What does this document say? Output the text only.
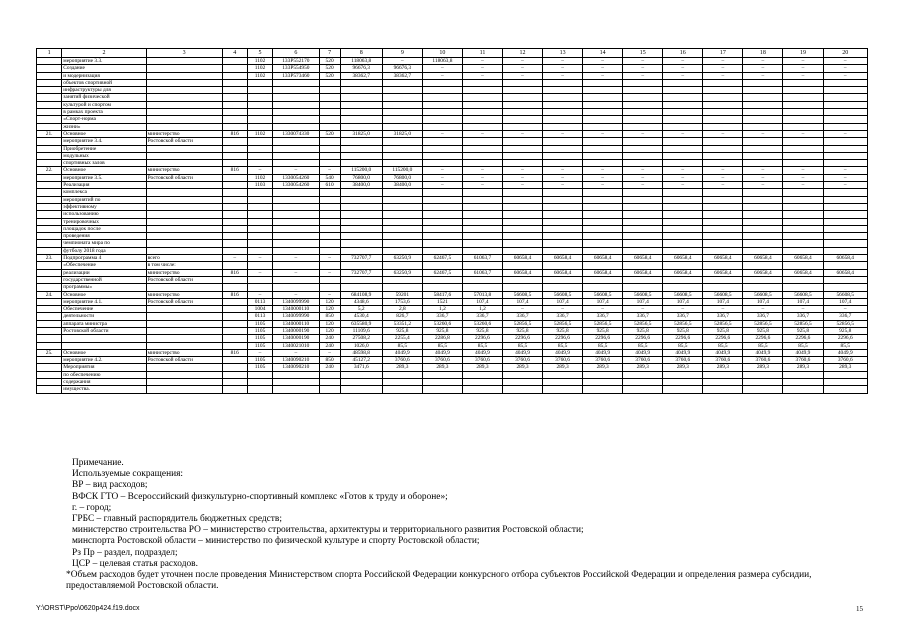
1	2	3	4	5	6	7	8	9	10	11	12	13	14	15	16	17	18	19	20
	мероприятие 3.3.			1102	133P552170	520	118063,8	–	118063,8	–	–	–	–	–	–	–	–	–	–
	Создание			1102	133P554950	520	96676,3	96676,3	–	–	–	–	–	–	–	–	–	–	–
	и модернизация			1102	133P573460	520	38362,7	38362,7	–	–	–	–	–	–	–	–	–	–	–
	объектов спортивной																		
	инфраструктуры для																		
	занятий физической																		
	культурой и спортом																		
	в рамках проекта																		
	«Спорт-норма																		
	жизни»																		
21.	Основное	министерство	816	1102	1330074330	520	31825,0	31825,0	–	–	–	–	–	–	–	–	–	–	–
	мероприятие 3.4.	Ростовской области																	
	Приобретение																		
	модульных																		
	спортивных залов																		
22.	Основное	министерство	816	–	–	–	115200,0	115200,0	–	–	–	–	–	–	–	–	–	–	–
	мероприятие 3.5.	Ростовской области		1102	1330054260	540	76800,0	76800,0	–	–	–	–	–	–	–	–	–	–	–
	Реализация			1103	1330054260	610	38400,0	38400,0	–	–	–	–	–	–	–	–	–	–	–
	комплекса																		
	мероприятий по																		
	эффективному																		
	использованию																		
	тренировочных																		
	площадок после																		
	проведения																		
	чемпионата мира по																		
	футболу 2018 года																		
23.	Подпрограмма 4	всего	–	–	–	–	732707,7	63250,9	62467,5	61063,7	60658,4	60658,4	60658,4	60658,4	60658,4	60658,4	60658,4	60658,4	60658,4
	«Обеспечение	в том числе:																	
	реализации	министерство	816	–	–	–	732707,7	63250,9	62467,5	61063,7	60658,4	60658,4	60658,4	60658,4	60658,4	60658,4	60658,4	60658,4	60658,4
	государственной	Ростовской области																	
	программы»																		
24.	Основное	министерство	816	–	–	–	684108,9	59201	58417,6	57013,8	56608,5	56608,5	56608,5	56608,5	56608,5	56608,5	56608,5	56608,5	56608,5
	мероприятие 4.1.	Ростовской области		0113	1340099990	120	4348,6	1753,6	1521	107,4	107,4	107,4	107,4	107,4	107,4	107,4	107,4	107,4	107,4
	Обеспечение			1004	1340000110	120	5,2	2,8	1,2	1,2	–	–	–	–	–	–	–	–	–
	деятельности			0113	1340099990	850	4530,4	826,7	336,7	336,7	336,7	336,7	336,7	336,7	336,7	336,7	336,7	336,7	336,7
	аппарата министра			1105	1340000110	120	635580,9	53351,2	53260,6	53260,6	52856,5	52856,5	52856,5	52856,5	52856,5	52856,5	52856,5	52856,5	52856,5
	Ростовской области			1105	1340000190	120	11109,6	925,8	925,8	925,8	925,8	925,8	925,8	925,8	925,8	925,8	925,8	925,8	925,8
				1105	1340000190	240	27508,2	2255,4	2286,8	2296,6	2296,6	2296,6	2296,6	2296,6	2296,6	2296,6	2296,6	2296,6	2296,6
				1105	1340021010	240	1026,0	85,5	85,5	85,5	85,5	85,5	85,5	85,5	85,5	85,5	85,5	85,5	85,5
25.	Основное	министерство	816	–	–	–	48598,8	4049,9	4049,9	4049,9	4049,9	4049,9	4049,9	4049,9	4049,9	4049,9	4049,9	4049,9	4049,9
	мероприятие 4.2.	Ростовской области		1105	1340090210	850	45127,2	3760,6	3760,6	3760,6	3760,6	3760,6	3760,6	3760,6	3760,6	3760,6	3760,6	3760,6	3760,6
	Мероприятия			1105	1340090210	240	3471,6	289,3	289,3	289,3	289,3	289,3	289,3	289,3	289,3	289,3	289,3	289,3	289,3
	по обеспечению																		
	содержания																		
	имущества.																		
Примечание.
Используемые сокращения:
ВР – вид расходов;
ВФСК ГТО – Всероссийский физкультурно-спортивный комплекс «Готов к труду и обороне»;
г. – город;
ГРБС – главный распорядитель бюджетных средств;
министерство строительства РО – министерство строительства, архитектуры и территориального развития Ростовской области;
минспорта Ростовской области – министерство по физической культуре и спорту Ростовской области;
Рз Пр – раздел, подраздел;
ЦСР – целевая статья расходов.
*Объем расходов будет уточнен после проведения Министерством спорта Российской Федерации конкурсного отбора субъектов Российской Федерации и определения размера субсидии, предоставляемой Ростовской области.
Y:\ORST\Ppo\0620p424.f19.docx	15
